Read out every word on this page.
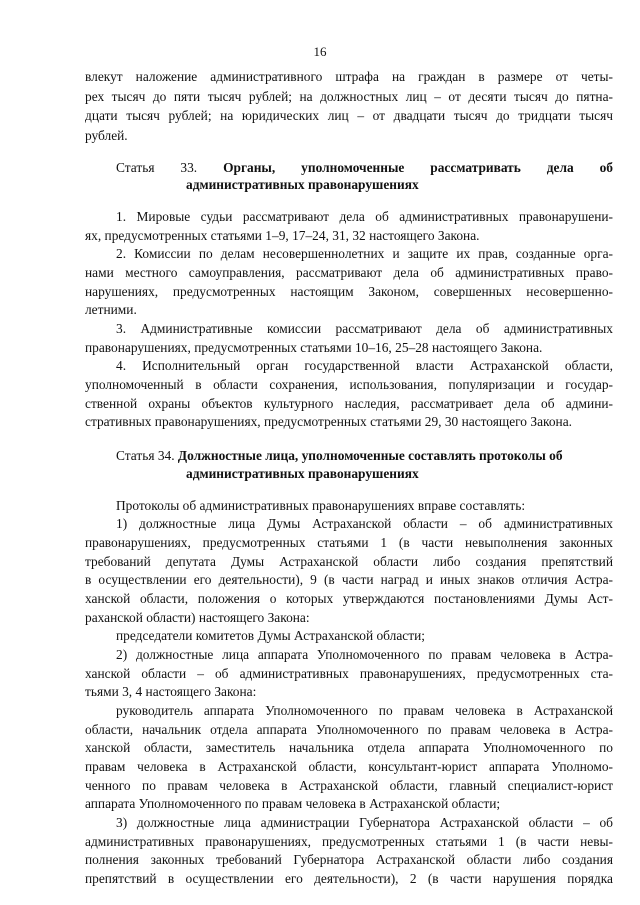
16
влекут наложение административного штрафа на граждан в размере от четы-
рех тысяч до пяти тысяч рублей; на должностных лиц – от десяти тысяч до пятна-
дцати тысяч рублей; на юридических лиц – от двадцати тысяч до тридцати тысяч
рублей.
Статья 33. Органы, уполномоченные рассматривать дела об
административных правонарушениях
1. Мировые судьи рассматривают дела об административных правонарушени-
ях, предусмотренных статьями 1–9, 17–24, 31, 32 настоящего Закона.
2. Комиссии по делам несовершеннолетних и защите их прав, созданные орга-
нами местного самоуправления, рассматривают дела об административных право-
нарушениях, предусмотренных настоящим Законом, совершенных несовершенно-
летними.
3. Административные комиссии рассматривают дела об административных
правонарушениях, предусмотренных статьями 10–16, 25–28 настоящего Закона.
4. Исполнительный орган государственной власти Астраханской области,
уполномоченный в области сохранения, использования, популяризации и государ-
ственной охраны объектов культурного наследия, рассматривает дела об админи-
стративных правонарушениях, предусмотренных статьями 29, 30 настоящего Закона.
Статья 34. Должностные лица, уполномоченные составлять протоколы об
административных правонарушениях
Протоколы об административных правонарушениях вправе составлять:
1) должностные лица Думы Астраханской области – об административных
правонарушениях, предусмотренных статьями 1 (в части невыполнения законных
требований депутата Думы Астраханской области либо создания препятствий
в осуществлении его деятельности), 9 (в части наград и иных знаков отличия Астра-
ханской области, положения о которых утверждаются постановлениями Думы Аст-
раханской области) настоящего Закона:
председатели комитетов Думы Астраханской области;
2) должностные лица аппарата Уполномоченного по правам человека в Астра-
ханской области – об административных правонарушениях, предусмотренных ста-
тьями 3, 4 настоящего Закона:
руководитель аппарата Уполномоченного по правам человека в Астраханской
области, начальник отдела аппарата Уполномоченного по правам человека в Астра-
ханской области, заместитель начальника отдела аппарата Уполномоченного по
правам человека в Астраханской области, консультант-юрист аппарата Уполномо-
ченного по правам человека в Астраханской области, главный специалист-юрист
аппарата Уполномоченного по правам человека в Астраханской области;
3) должностные лица администрации Губернатора Астраханской области – об
административных правонарушениях, предусмотренных статьями 1 (в части невы-
полнения законных требований Губернатора Астраханской области либо создания
препятствий в осуществлении его деятельности), 2 (в части нарушения порядка
